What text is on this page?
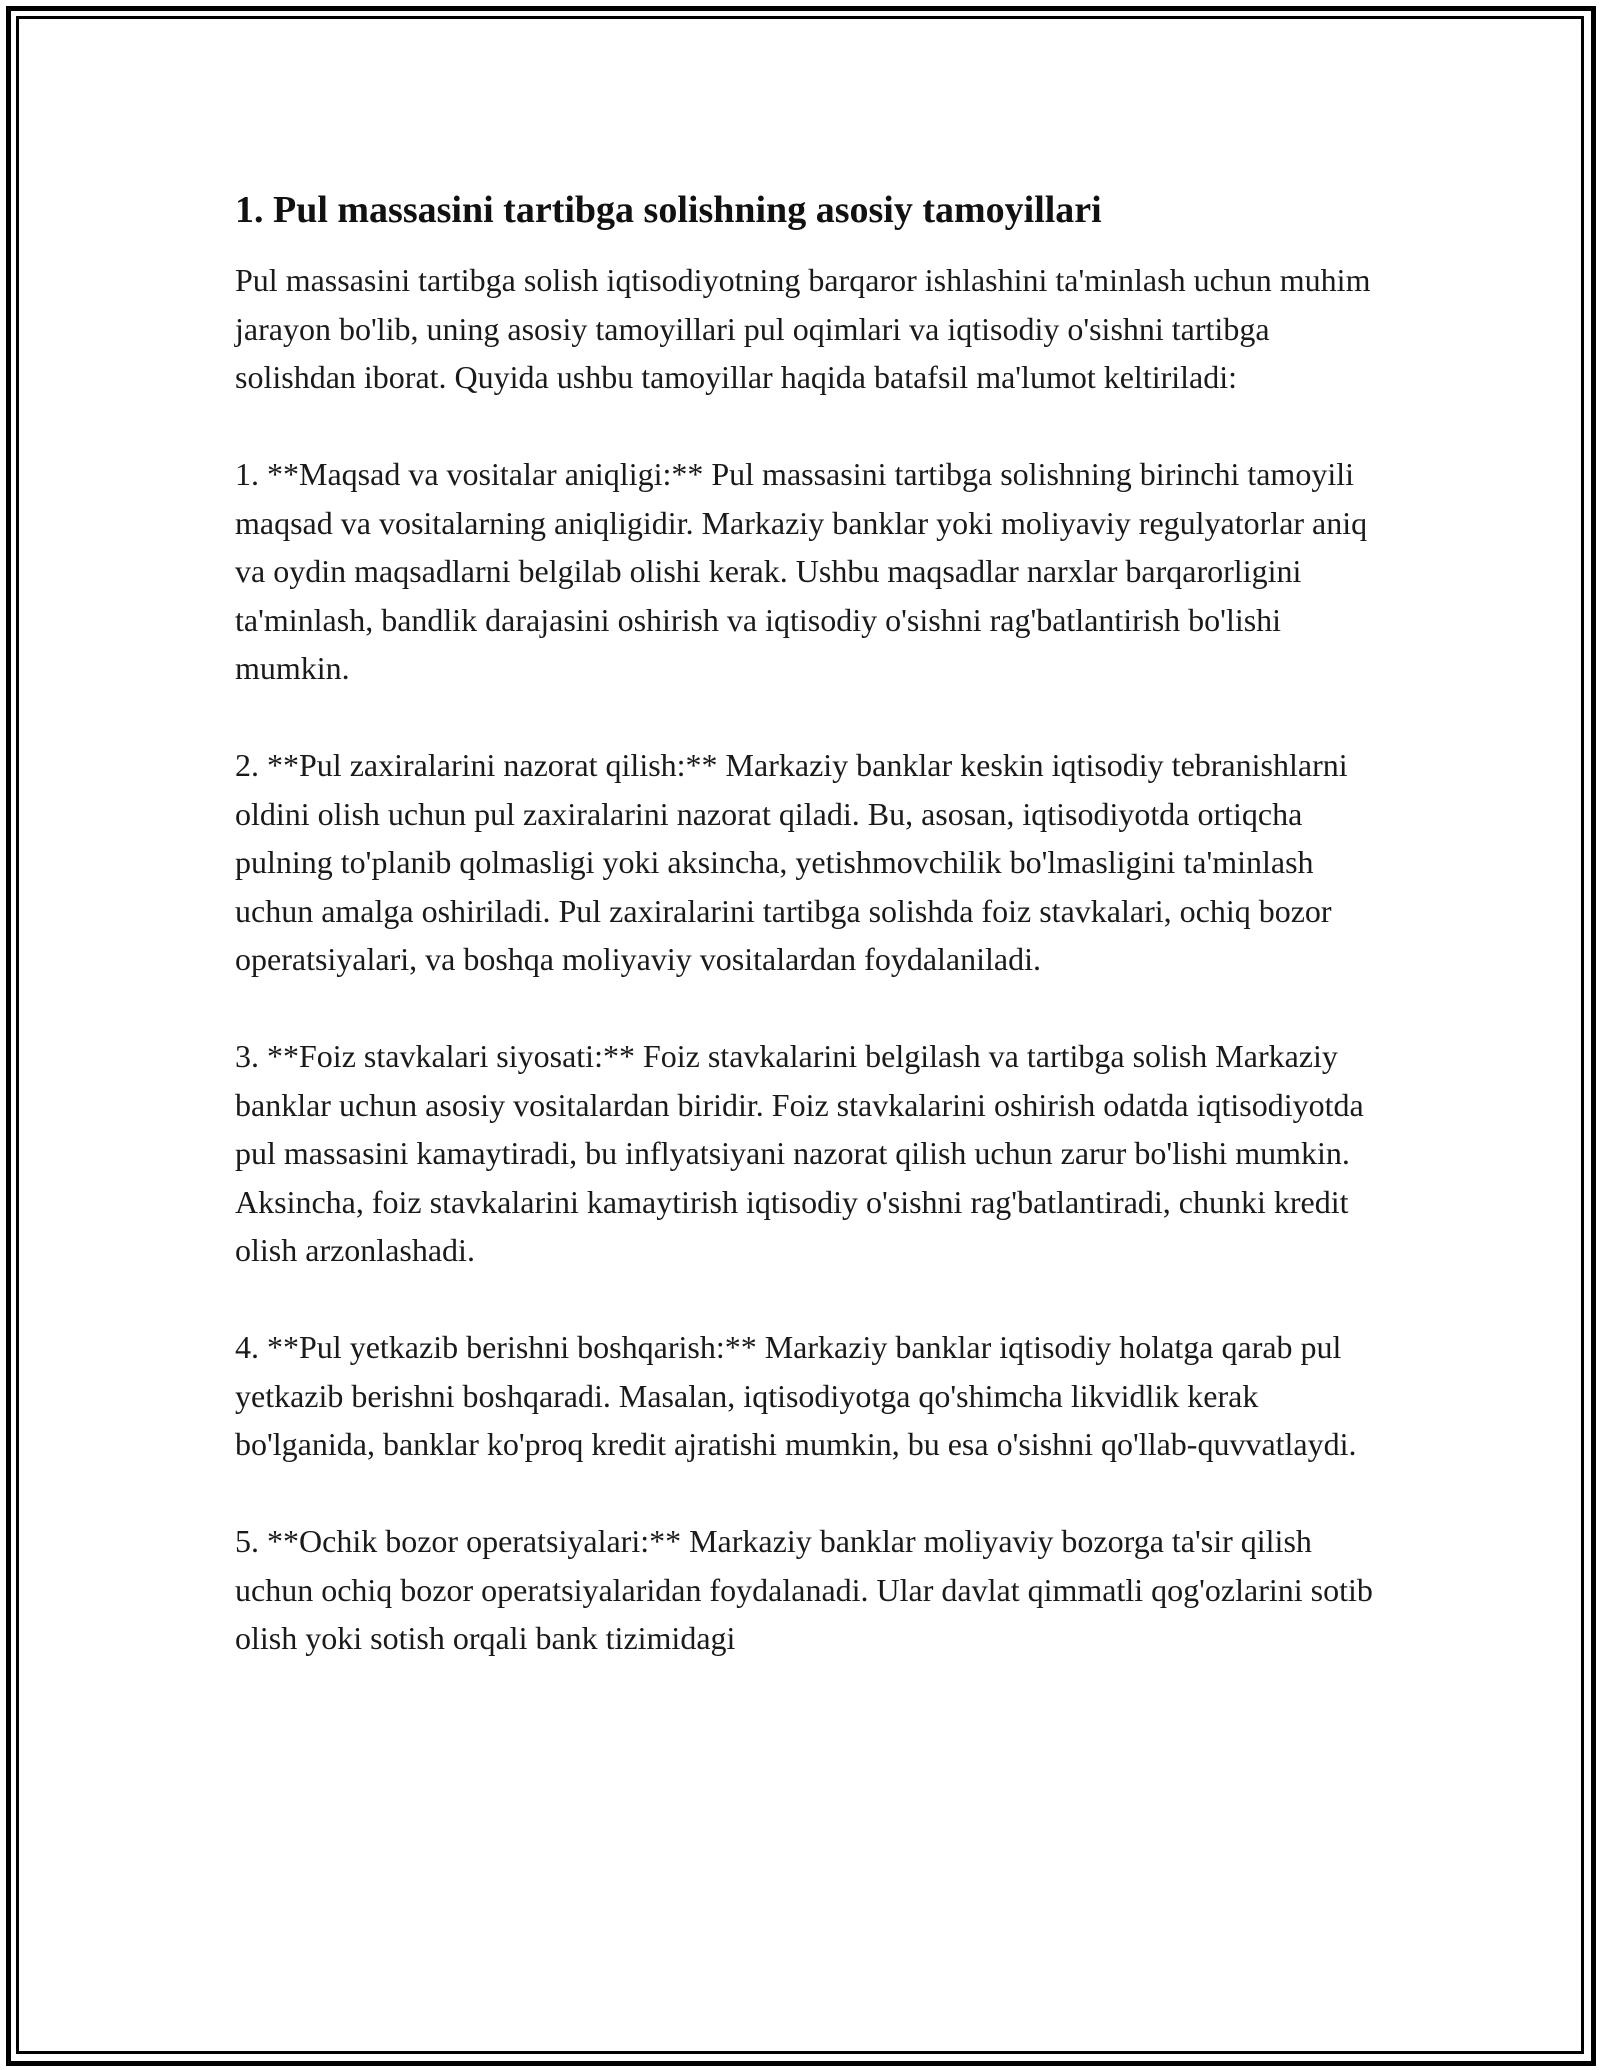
1. Pul massasini tartibga solishning asosiy tamoyillari

Pul massasini tartibga solish iqtisodiyotning barqaror ishlashini ta'minlash uchun muhim jarayon bo'lib, uning asosiy tamoyillari pul oqimlari va iqtisodiy o'sishni tartibga solishdan iborat. Quyida ushbu tamoyillar haqida batafsil ma'lumot keltiriladi:

1. **Maqsad va vositalar aniqligi:** Pul massasini tartibga solishning birinchi tamoyili maqsad va vositalarning aniqligidir. Markaziy banklar yoki moliyaviy regulyatorlar aniq va oydin maqsadlarni belgilab olishi kerak. Ushbu maqsadlar narxlar barqarorligini ta'minlash, bandlik darajasini oshirish va iqtisodiy o'sishni rag'batlantirish bo'lishi mumkin.

2. **Pul zaxiralarini nazorat qilish:** Markaziy banklar keskin iqtisodiy tebranishlarni oldini olish uchun pul zaxiralarini nazorat qiladi. Bu, asosan, iqtisodiyotda ortiqcha pulning to'planib qolmasligi yoki aksincha, yetishmovchilik bo'lmasligini ta'minlash uchun amalga oshiriladi. Pul zaxiralarini tartibga solishda foiz stavkalari, ochiq bozor operatsiyalari, va boshqa moliyaviy vositalardan foydalaniladi.

3. **Foiz stavkalari siyosati:** Foiz stavkalarini belgilash va tartibga solish Markaziy banklar uchun asosiy vositalardan biridir. Foiz stavkalarini oshirish odatda iqtisodiyotda pul massasini kamaytiradi, bu inflyatsiyani nazorat qilish uchun zarur bo'lishi mumkin. Aksincha, foiz stavkalarini kamaytirish iqtisodiy o'sishni rag'batlantiradi, chunki kredit olish arzonlashadi.

4. **Pul yetkazib berishni boshqarish:** Markaziy banklar iqtisodiy holatga qarab pul yetkazib berishni boshqaradi. Masalan, iqtisodiyotga qo'shimcha likvidlik kerak bo'lganida, banklar ko'proq kredit ajratishi mumkin, bu esa o'sishni qo'llab-quvvatlaydi.

5. **Ochik bozor operatsiyalari:** Markaziy banklar moliyaviy bozorga ta'sir qilish uchun ochiq bozor operatsiyalaridan foydalanadi. Ular davlat qimmatli qog'ozlarini sotib olish yoki sotish orqali bank tizimidagi
